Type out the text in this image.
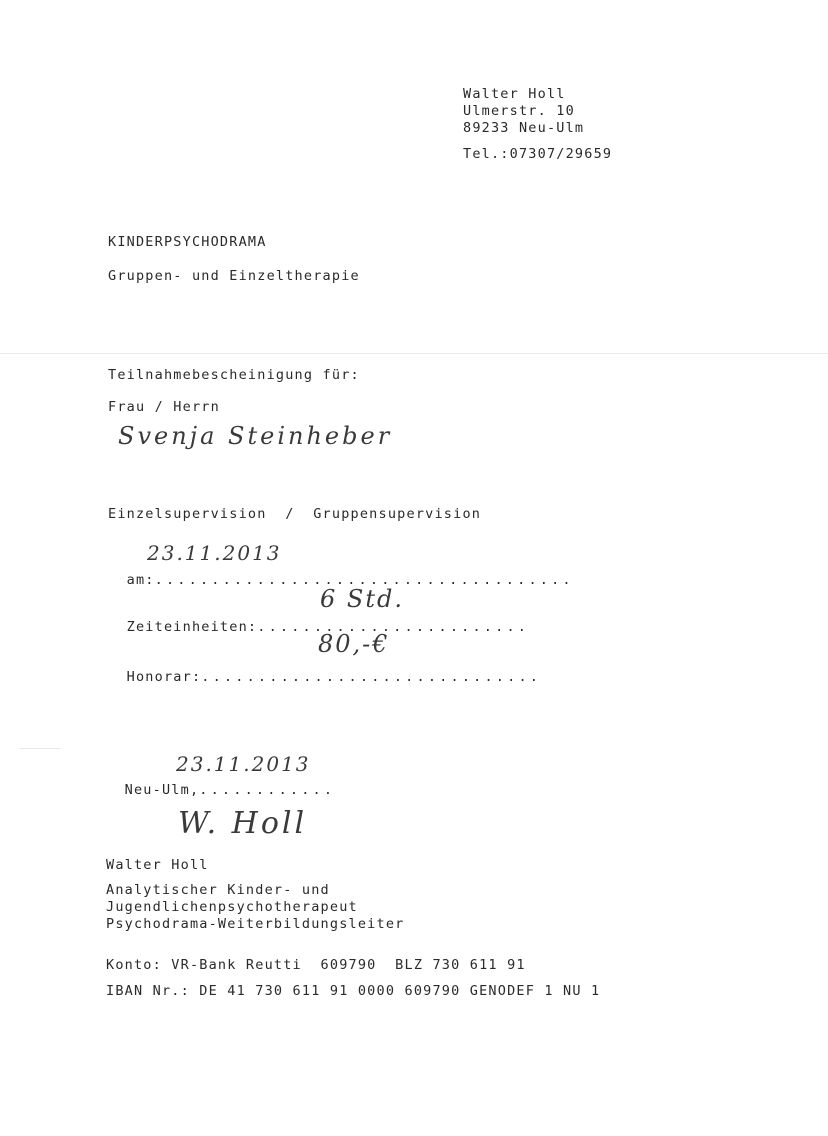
Walter Holl
Ulmerstr. 10
89233 Neu-Ulm
Tel.:07307/29659
KINDERPSYCHODRAMA
Gruppen- und Einzeltherapie
Teilnahmebescheinigung für:
Frau / Herrn
Svenja Steinheber
Einzelsupervision  /  Gruppensupervision

am:.....................................

23.11.2013

Zeiteinheiten:........................

6 Std.

Honorar:..............................

80,-€

Neu-Ulm,............

23.11.2013
W. Holl
Walter Holl
Analytischer Kinder- und
Jugendlichenpsychotherapeut
Psychodrama-Weiterbildungsleiter
Konto: VR-Bank Reutti  609790  BLZ 730 611 91
IBAN Nr.: DE 41 730 611 91 0000 609790 GENODEF 1 NU 1
